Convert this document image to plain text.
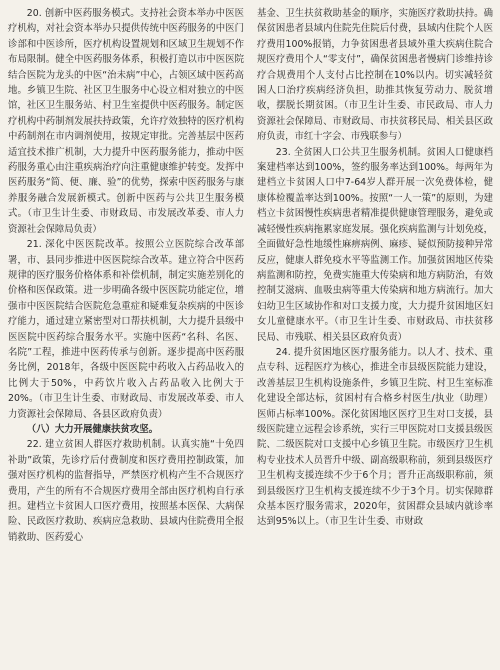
20. 创新中医药服务模式。支持社会资本举办中医医疗机构，对社会资本举办只提供传统中医药服务的中医门诊部和中医诊所，医疗机构设置规划和区域卫生规划不作布局限制。健全中医药服务体系，积极打造以市中医医院结合医院为龙头的中医“治未病”中心，占领区域中医药高地。乡镇卫生院、社区卫生服务中心设立相对独立的中医馆，社区卫生服务站、村卫生室提供中医药服务。制定医疗机构中药制剂发展扶持政策，允许疗效独特的医疗机构中药制剂在市内调剂使用，按规定审批。完善基层中医药适宜技术推广机制，大力提升中医药服务能力，推动中医药服务重心由注重疾病治疗向注重健康维护转变。发挥中医药服务“简、便、廉、验”的优势，探索中医药服务与康养服务融合发展新模式。创新中医药与公共卫生服务模式。（市卫生计生委、市财政局、市发展改革委、市人力资源社会保障局负责）

21. 深化中医医院改革。按照公立医院综合改革部署，市、县同步推进中医医院综合改革。建立符合中医药规律的医疗服务价格体系和补偿机制，制定实施差别化的价格和医保政策。进一步明确各级中医医院功能定位，增强市中医医院结合医院危急重症和疑难复杂疾病的中医诊疗能力，通过建立紧密型对口帮扶机制，大力提升县级中医医院中医药综合服务水平。实施中医药“名科、名医、名院”工程，推进中医药传承与创新。逐步提高中医药服务比例，2018年，各级中医医院中药收入占药品收入的比例大于50%，中药饮片收入占药品收入比例大于20%。（市卫生计生委、市财政局、市发展改革委、市人力资源社会保障局、各县区政府负责）

（八）大力开展健康扶贫攻坚。

22. 建立贫困人群医疗救助机制。认真实施“十免四补助”政策，先诊疗后付费制度和医疗费用控制政策，加强对医疗机构的监督指导，严禁医疗机构产生不合规医疗费用，产生的所有不合规医疗费用全部由医疗机构自行承担。建档立卡贫困人口医疗费用，按照基本医保、大病保险、民政医疗救助、疾病应急救助、县域内住院费用全报销救助、医药爱心

基金、卫生扶贫救助基金的顺序，实施医疗救助扶持。确保贫困患者县域内住院先住院后付费，县域内住院个人医疗费用100%报销，力争贫困患者县域外重大疾病住院合规医疗费用个人“零支付”，确保贫困患者慢病门诊维持诊疗合规费用个人支付占比控制在10%以内。切实减轻贫困人口治疗疾病经济负担，助推其恢复劳动力、脱贫增收，摆脱长期贫困。（市卫生计生委、市民政局、市人力资源社会保障局、市财政局、市扶贫移民局、相关县区政府负责，市红十字会、市残联参与）

23. 全贫困人口公共卫生服务机制。贫困人口健康档案建档率达到100%，签约服务率达到100%。每两年为建档立卡贫困人口中7-64岁人群开展一次免费体检，健康体检覆盖率达到100%。按照“一人一策”的原则，为建档立卡贫困慢性疾病患者精准提供健康管理服务，避免或减轻慢性疾病拖累家庭发展。强化疾病监测与计划免疫，全面做好急性地缓性麻痹病例、麻疹、疑似预防接种异常反应，健康人群免疫水平等监测工作。加强贫困地区传染病监测和防控，免费实施重大传染病和地方病防治，有效控制艾滋病、血吸虫病等重大传染病和地方病流行。加大妇幼卫生区域协作和对口支援力度，大力提升贫困地区妇女儿童健康水平。（市卫生计生委、市财政局、市扶贫移民局、市残联、相关县区政府负责）

24. 提升贫困地区医疗服务能力。以人才、技术、重点专科、远程医疗为核心，推进全市县级医院能力建设，改善基层卫生机构设施条件，乡镇卫生院、村卫生室标准化建设全部达标，贫困村有合格乡村医生/执业（助理）医师占标率100%。深化贫困地区医疗卫生对口支援，县级医院建立远程会诊系统，实行三甲医院对口支援县级医院、二级医院对口支援中心乡镇卫生院。市级医疗卫生机构专业技术人员晋升中级、副高级职称前，须到县级医疗卫生机构支援连续不少于6个月；晋升正高级职称前，须到县级医疗卫生机构支援连续不少于3个月。切实保障群众基本医疗服务需求，2020年，贫困群众县域内就诊率达到95%以上。（市卫生计生委、市财政
